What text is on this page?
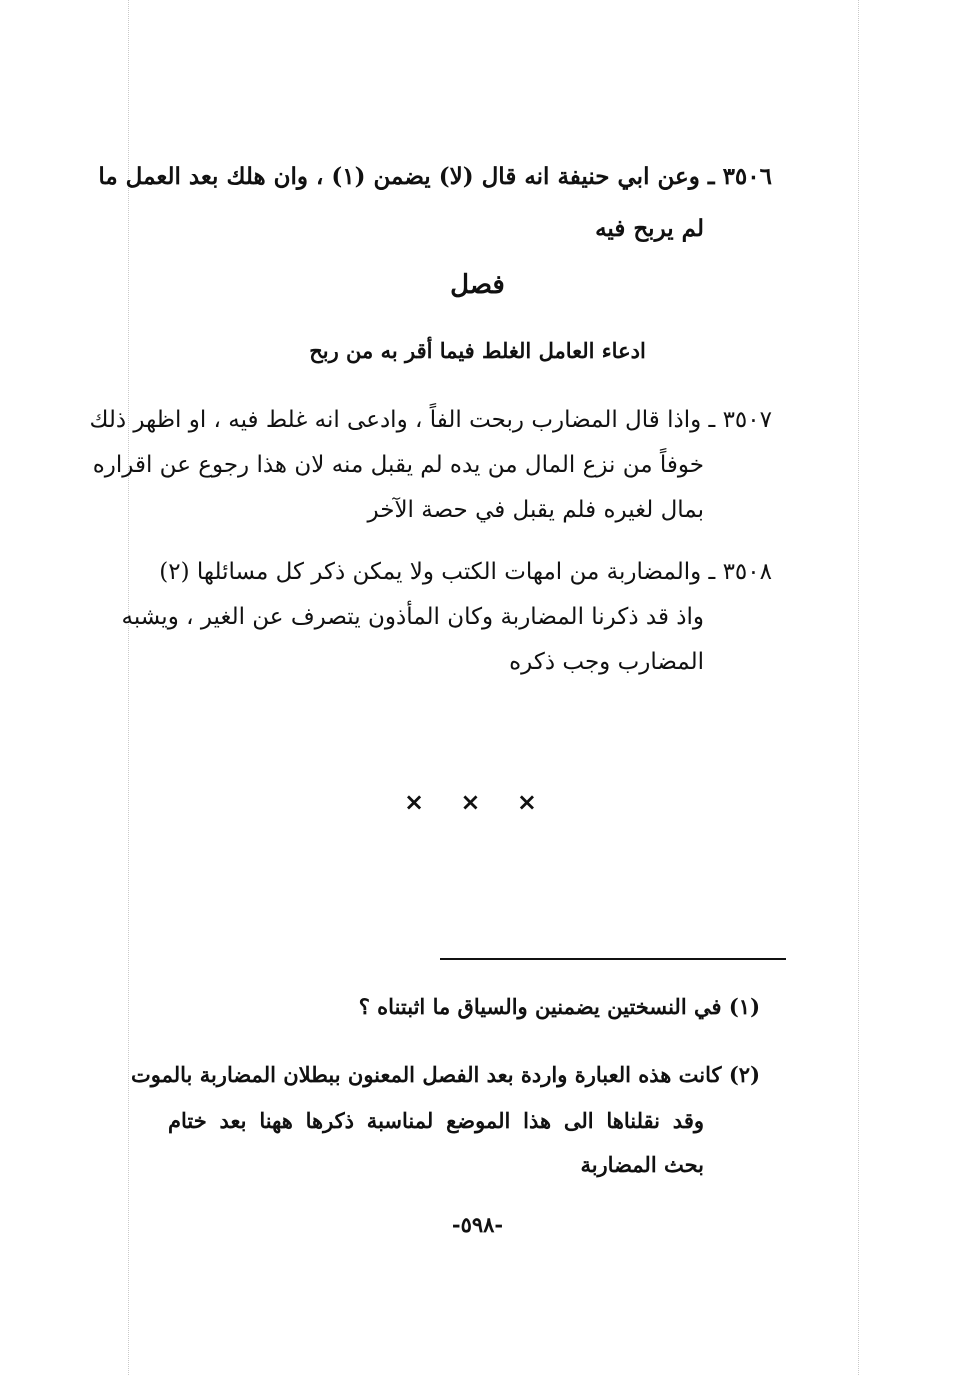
٣٥٠٦ ـ وعن ابي حنيفة انه قال (لا) يضمن (١) ، وان هلك بعد العمل ما
لم يربح فيه
فصل
ادعاء العامل الغلط فيما أقر به من ربح
٣٥٠٧ ـ واذا قال المضارب ربحت الفاً ، وادعى انه غلط فيه ، او اظهر ذلك
خوفاً من نزع المال من يده لم يقبل منه لان هذا رجوع عن اقراره
بمال لغيره فلم يقبل في حصة الآخر
٣٥٠٨ ـ والمضاربة من امهات الكتب ولا يمكن ذكر كل مسائلها (٢)
واذ قد ذكرنا المضاربة وكان المأذون يتصرف عن الغير ، ويشبه
المضارب وجب ذكره
× × ×
(١) في النسختين يضمنين والسياق ما اثبتناه ؟
(٢) كانت هذه العبارة واردة بعد الفصل المعنون ببطلان المضاربة بالموت
وقد نقلناها الى هذا الموضع لمناسبة ذكرها ههنا بعد ختام
بحث المضاربة
-٥٩٨-
